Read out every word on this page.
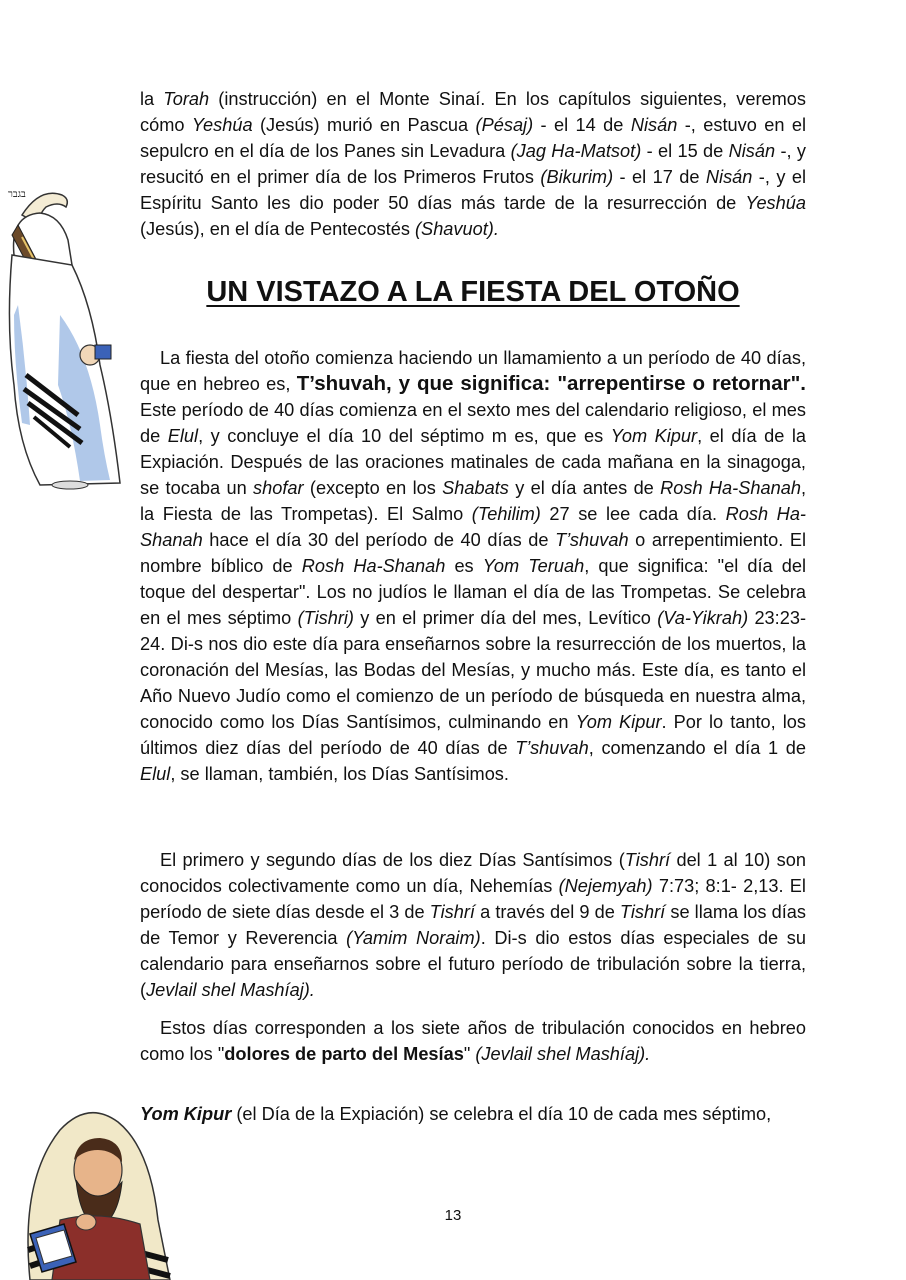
בגבר

la Torah (instrucción) en el Monte Sinaí. En los capítulos siguientes, veremos cómo Yeshúa (Jesús) murió en Pascua (Pésaj) - el 14 de Nisán -, estuvo en el sepulcro en el día de los Panes sin Levadura (Jag Ha-Matsot) - el 15 de Nisán -, y resucitó en el primer día de los Primeros Frutos (Bikurim) - el 17 de Nisán -, y el Espíritu Santo les dio poder 50 días más tarde de la resurrección de Yeshúa (Jesús), en el día de Pentecostés (Shavuot).

UN VISTAZO A LA FIESTA DEL OTOÑO

La fiesta del otoño comienza haciendo un llamamiento a un período de 40 días, que en hebreo es, T’shuvah, y que significa: "arrepentirse o retornar". Este período de 40 días comienza en el sexto mes del calendario religioso, el mes de Elul, y concluye el día 10 del séptimo m es, que es Yom Kipur, el día de la Expiación. Después de las oraciones matinales de cada mañana en la sinagoga, se tocaba un shofar (excepto en los Shabats y el día antes de Rosh Ha-Shanah, la Fiesta de las Trompetas). El Salmo (Tehilim) 27 se lee cada día. Rosh Ha-Shanah hace el día 30 del período de 40 días de T’shuvah o arrepentimiento. El nombre bíblico de Rosh Ha-Shanah es Yom Teruah, que significa: "el día del toque del despertar". Los no judíos le llaman el día de las Trompetas. Se celebra en el mes séptimo (Tishri) y en el primer día del mes, Levítico (Va-Yikrah) 23:23-24. Di-s nos dio este día para enseñarnos sobre la resurrección de los muertos, la coronación del Mesías, las Bodas del Mesías, y mucho más. Este día, es tanto el Año Nuevo Judío como el comienzo de un período de búsqueda en nuestra alma, conocido como los Días Santísimos, culminando en Yom Kipur. Por lo tanto, los últimos diez días del período de 40 días de T’shuvah, comenzando el día 1 de Elul, se llaman, también, los Días Santísimos.

El primero y segundo días de los diez Días Santísimos (Tishrí del 1 al 10) son conocidos colectivamente como un día, Nehemías (Nejemyah) 7:73; 8:1- 2,13. El período de siete días desde el 3 de Tishrí a través del 9 de Tishrí se llama los días de Temor y Reverencia (Yamim Noraim). Di-s dio estos días especiales de su calendario para enseñarnos sobre el futuro período de tribulación sobre la tierra, (Jevlail shel Mashíaj).

Estos días corresponden a los siete años de tribulación conocidos en hebreo como los "dolores de parto del Mesías" (Jevlail shel Mashíaj).

Yom Kipur (el Día de la Expiación) se celebra el día 10 de cada mes séptimo,

13
